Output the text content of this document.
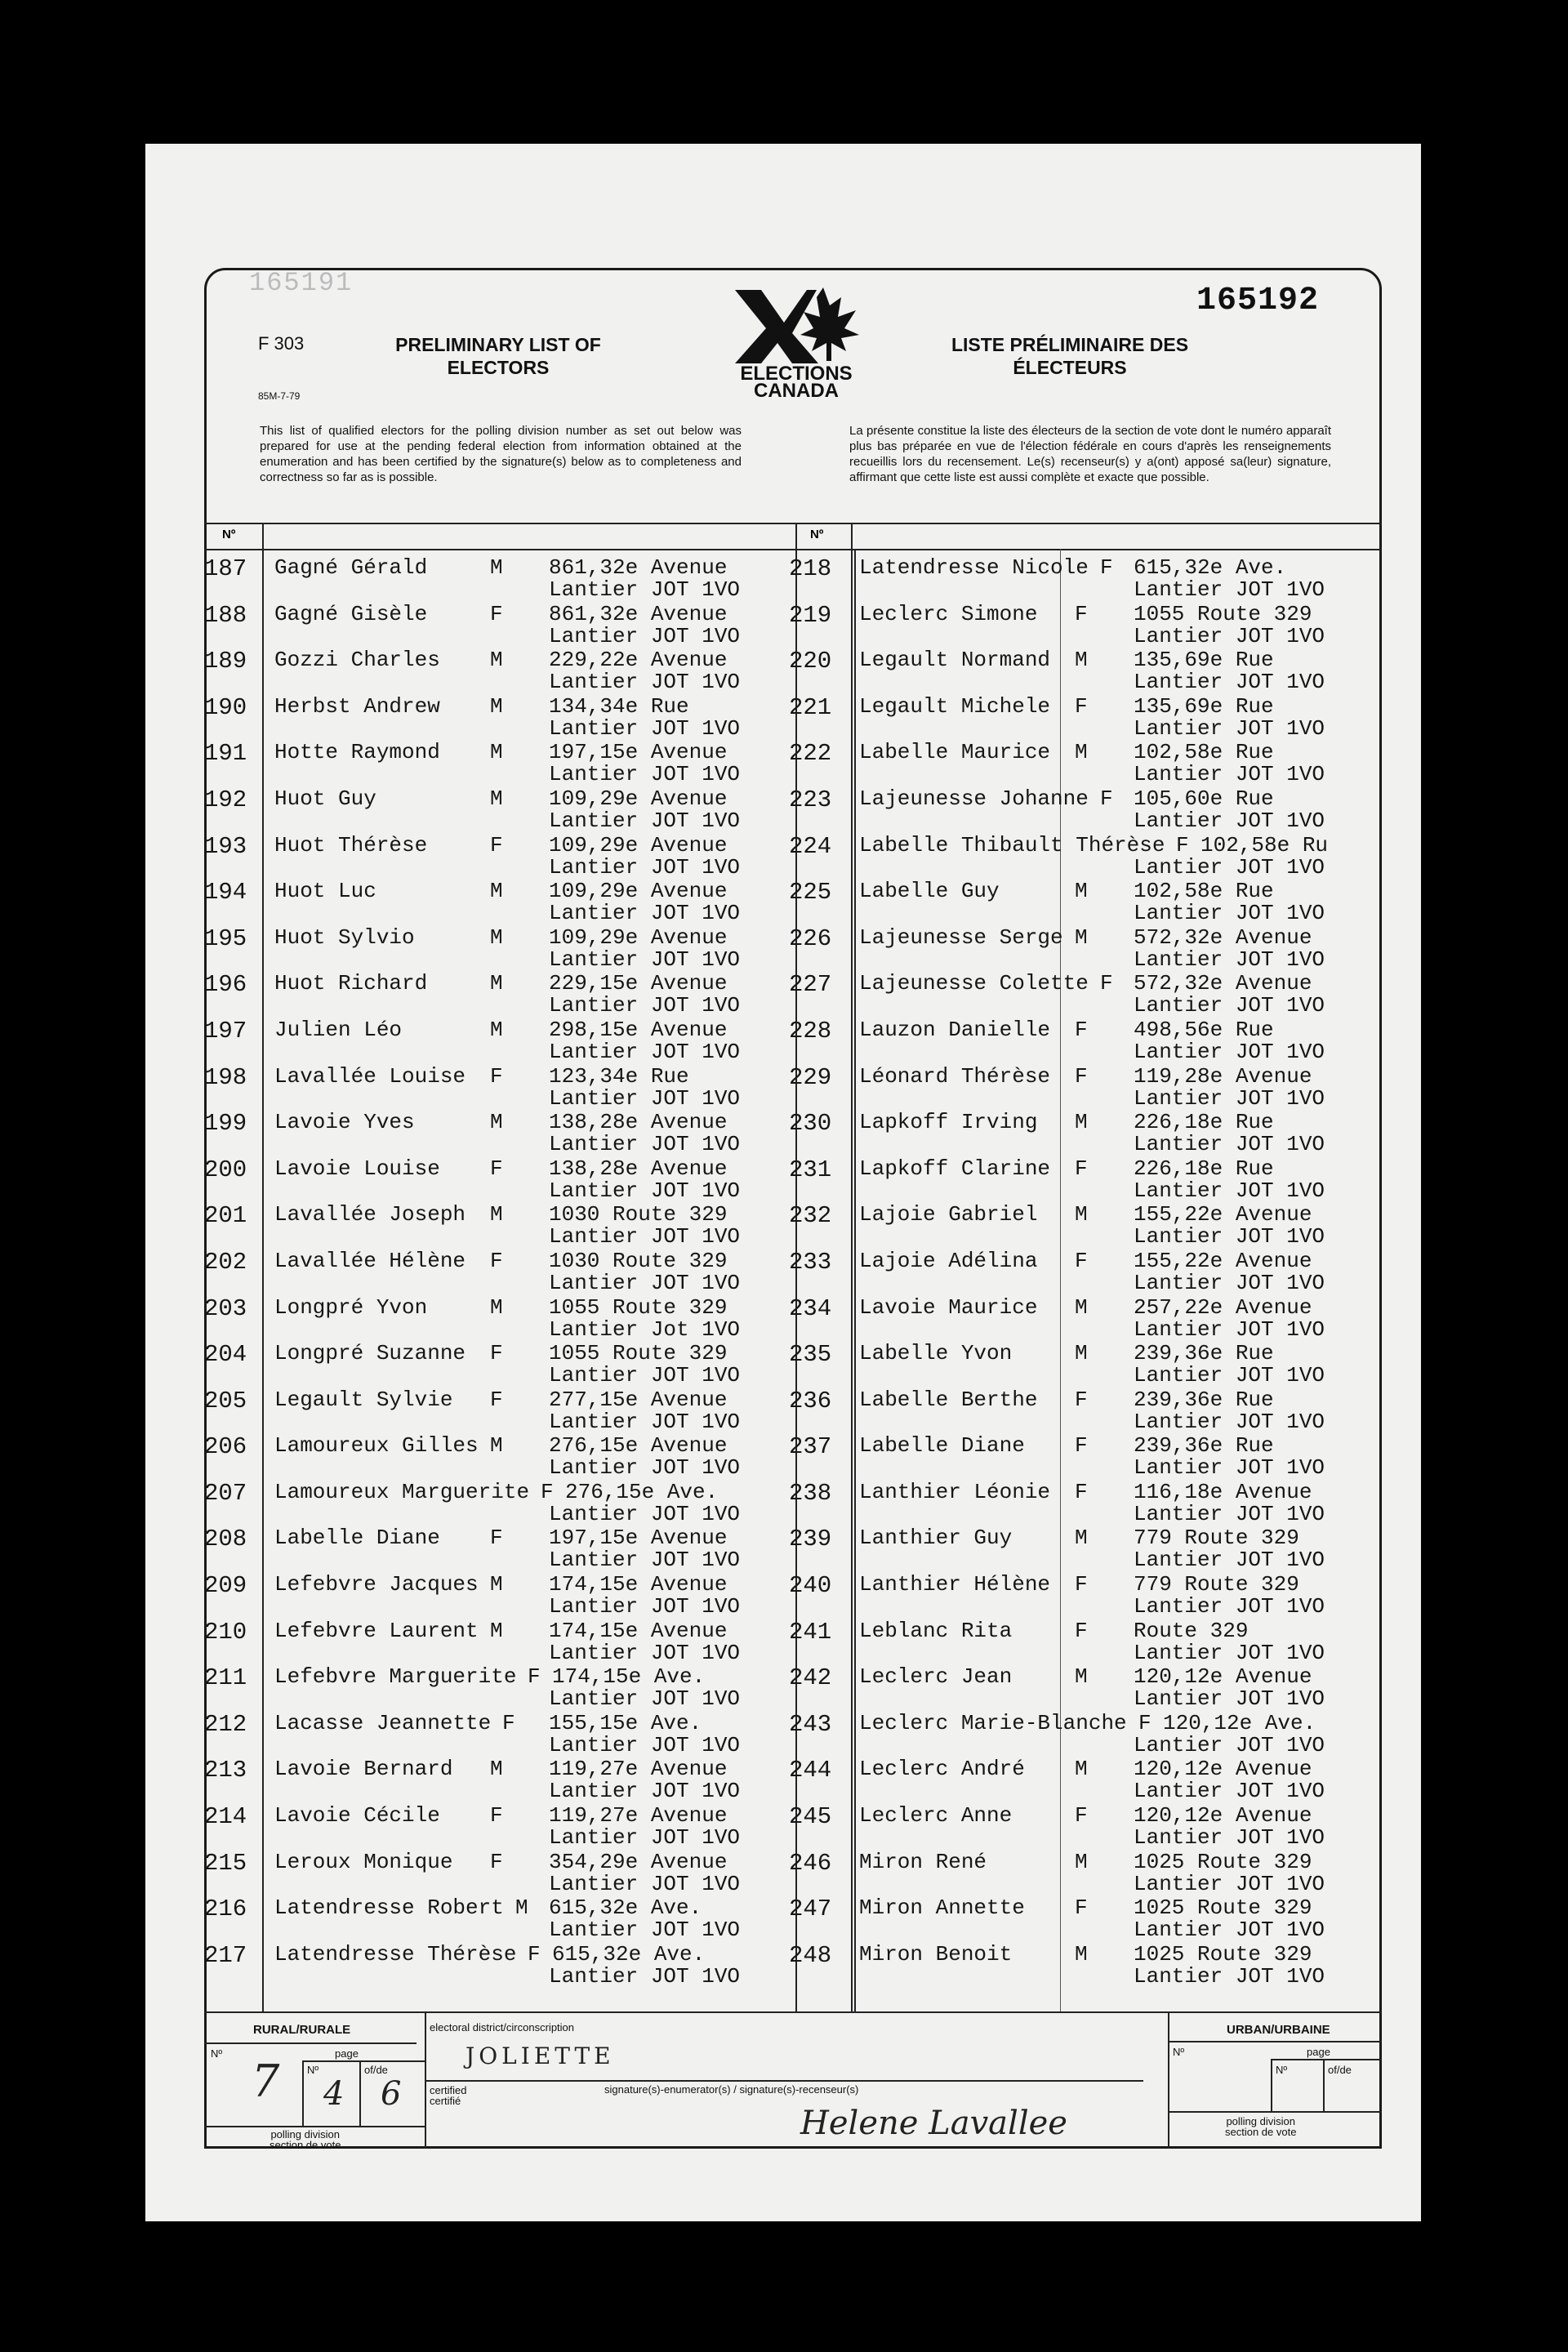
165191	165192
F 303
85M-7-79
PRELIMINARY LIST OF ELECTORS
LISTE PRÉLIMINAIRE DES ÉLECTEURS
ELECTIONS
CANADA
This list of qualified electors for the polling division number as set out below was prepared for use at the pending federal election from information obtained at the enumeration and has been certified by the signature(s) below as to completeness and correctness so far as is possible.
La présente constitue la liste des électeurs de la section de vote dont le numéro apparaît plus bas préparée en vue de l'élection fédérale en cours d'après les renseignements recueillis lors du recensement. Le(s) recenseur(s) y a(ont) apposé sa(leur) signature, affirmant que cette liste est aussi complète et exacte que possible.
Nº	Nº
187 Gagné Gérald	M 861,32e Avenue
Lantier JOT 1VO
188 Gagné Gisèle	F 861,32e Avenue
Lantier JOT 1VO
189 Gozzi Charles M 229,22e Avenue
Lantier JOT 1VO
190 Herbst Andrew M 134,34e Rue
Lantier JOT 1VO
191 Hotte Raymond M 197,15e Avenue
Lantier JOT 1VO
192 Huot Guy	M 109,29e Avenue
Lantier JOT 1VO
193 Huot Thérèse	F 109,29e Avenue
Lantier JOT 1VO
194 Huot Luc	M 109,29e Avenue
Lantier JOT 1VO
195 Huot Sylvio	M 109,29e Avenue
Lantier JOT 1VO
196 Huot Richard	M 229,15e Avenue
Lantier JOT 1VO
197 Julien Léo	M 298,15e Avenue
Lantier JOT 1VO
198 Lavallée Louise F 123,34e Rue
Lantier JOT 1VO
199 Lavoie Yves	M 138,28e Avenue
Lantier JOT 1VO
200 Lavoie Louise F 138,28e Avenue
Lantier JOT 1VO
201 Lavallée Joseph M 1030 Route 329
Lantier JOT 1VO
202 Lavallée Hélène F 1030 Route 329
Lantier JOT 1VO
203 Longpré Yvon	M 1055 Route 329
Lantier Jot 1VO
204 Longpré Suzanne F 1055 Route 329
Lantier JOT 1VO
205 Legault Sylvie F 277,15e Avenue
Lantier JOT 1VO
206 Lamoureux Gilles M 276,15e Avenue
Lantier JOT 1VO
207 Lamoureux Marguerite F 276,15e Ave.
Lantier JOT 1VO
208 Labelle Diane F 197,15e Avenue
Lantier JOT 1VO
209 Lefebvre Jacques M 174,15e Avenue
Lantier JOT 1VO
210 Lefebvre Laurent M 174,15e Avenue
Lantier JOT 1VO
211 Lefebvre Marguerite F 174,15e Ave.
Lantier JOT 1VO
212 Lacasse Jeannette F 155,15e Ave.
Lantier JOT 1VO
213 Lavoie Bernard M 119,27e Avenue
Lantier JOT 1VO
214 Lavoie Cécile F 119,27e Avenue
Lantier JOT 1VO
215 Leroux Monique F 354,29e Avenue
Lantier JOT 1VO
216 Latendresse Robert M 615,32e Ave.
Lantier JOT 1VO
217 Latendresse Thérèse F 615,32e Ave.
Lantier JOT 1VO
218 Latendresse Nicole F 615,32e Ave.
Lantier JOT 1VO
219 Leclerc Simone F 1055 Route 329
Lantier JOT 1VO
220 Legault Normand M 135,69e Rue
Lantier JOT 1VO
221 Legault Michele F 135,69e Rue
Lantier JOT 1VO
222 Labelle Maurice M 102,58e Rue
Lantier JOT 1VO
223 Lajeunesse Johanne F 105,60e Rue
Lantier JOT 1VO
224 Labelle Thibault Thérèse F 102,58e Ru
Lantier JOT 1VO
225 Labelle Guy	M 102,58e Rue
Lantier JOT 1VO
226 Lajeunesse Serge M 572,32e Avenue
Lantier JOT 1VO
227 Lajeunesse Colette F 572,32e Avenue
Lantier JOT 1VO
228 Lauzon Danielle F 498,56e Rue
Lantier JOT 1VO
229 Léonard Thérèse F 119,28e Avenue
Lantier JOT 1VO
230 Lapkoff Irving M 226,18e Rue
Lantier JOT 1VO
231 Lapkoff Clarine F 226,18e Rue
Lantier JOT 1VO
232 Lajoie Gabriel M 155,22e Avenue
Lantier JOT 1VO
233 Lajoie Adélina F 155,22e Avenue
Lantier JOT 1VO
234 Lavoie Maurice M 257,22e Avenue
Lantier JOT 1VO
235 Labelle Yvon	M 239,36e Rue
Lantier JOT 1VO
236 Labelle Berthe F 239,36e Rue
Lantier JOT 1VO
237 Labelle Diane F 239,36e Rue
Lantier JOT 1VO
238 Lanthier Léonie F 116,18e Avenue
Lantier JOT 1VO
239 Lanthier Guy	M 779 Route 329
Lantier JOT 1VO
240 Lanthier Hélène F 779 Route 329
Lantier JOT 1VO
241 Leblanc Rita	F Route 329
Lantier JOT 1VO
242 Leclerc Jean	M 120,12e Avenue
Lantier JOT 1VO
243 Leclerc Marie-Blanche F 120,12e Ave.
Lantier JOT 1VO
244 Leclerc André M 120,12e Avenue
Lantier JOT 1VO
245 Leclerc Anne	F 120,12e Avenue
Lantier JOT 1VO
246 Miron René	M 1025 Route 329
Lantier JOT 1VO
247 Miron Annette F 1025 Route 329
Lantier JOT 1VO
248 Miron Benoit	M 1025 Route 329
Lantier JOT 1VO
RURAL/RURALE
Nº	page
Nº	of/de
7 4 6
polling division
section de vote
electoral district/circonscription
JOLIETTE
certified
certifié
signature(s)-enumerator(s) / signature(s)-recenseur(s)
Helene Lavallee
URBAN/URBAINE
Nº	page
Nº	of/de
polling division
section de vote
